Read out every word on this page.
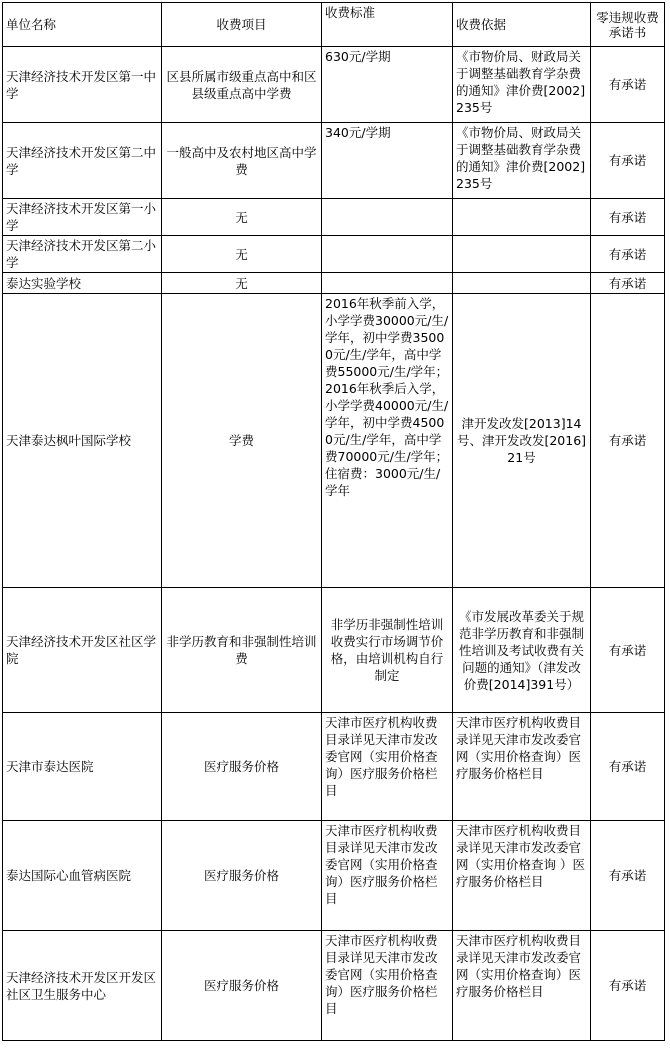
单位名称	收费项目	收费标准	收费依据	零违规收费承诺书
天津经济技术开发区第一中学	区县所属市级重点高中和区县级重点高中学费	630元/学期	《市物价局、财政局关于调整基础教育学杂费的通知》津价费[2002]235号	有承诺
天津经济技术开发区第二中学	一般高中及农村地区高中学费	340元/学期	《市物价局、财政局关于调整基础教育学杂费的通知》津价费[2002]235号	有承诺
天津经济技术开发区第一小学	无			有承诺
天津经济技术开发区第二小学	无			有承诺
泰达实验学校	无			有承诺
天津泰达枫叶国际学校	学费	2016年秋季前入学，小学学费30000元/生/学年，初中学费35000元/生/学年，高中学费55000元/生/学年；　2016年秋季后入学，小学学费40000元/生/学年，初中学费45000元/生/学年，高中学费70000元/生/学年；住宿费：3000元/生/学年	津开发改发[2013]14号、津开发改发[2016]21号	有承诺
天津经济技术开发区社区学院	非学历教育和非强制性培训费	非学历非强制性培训收费实行市场调节价格，由培训机构自行制定	《市发展改革委关于规范非学历教育和非强制性培训及考试收费有关问题的通知》（津发改价费[2014]391号）	有承诺
天津市泰达医院	医疗服务价格	天津市医疗机构收费目录详见天津市发改委官网（实用价格查询）医疗服务价格栏目	天津市医疗机构收费目录详见天津市发改委官网（实用价格查询）医疗服务价格栏目	有承诺
泰达国际心血管病医院	医疗服务价格	天津市医疗机构收费目录详见天津市发改委官网（实用价格查询）医疗服务价格栏目	天津市医疗机构收费目录详见天津市发改委官网（实用价格查询 ）医疗服务价格栏目	有承诺
天津经济技术开发区开发区社区卫生服务中心	医疗服务价格	天津市医疗机构收费目录详见天津市发改委官网（实用价格查询）医疗服务价格栏目	天津市医疗机构收费目录详见天津市发改委官网（实用价格查询）医疗服务价格栏目	有承诺
